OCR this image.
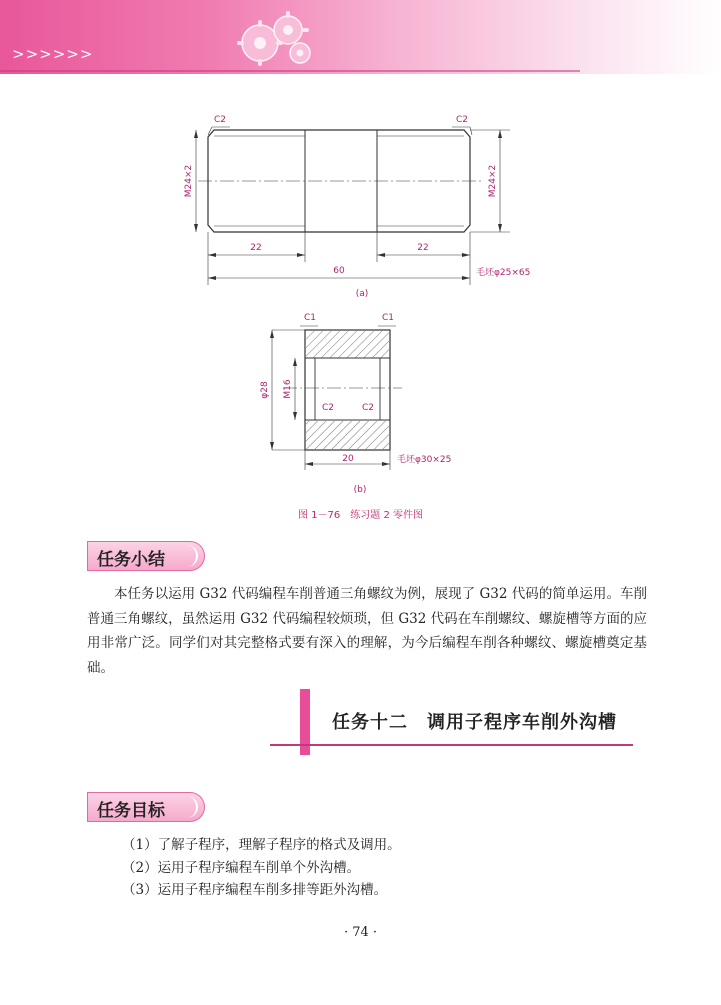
>>>>>>
C2	C2
M24×2	M24×2
22	22
60	毛坯φ25×65
(a)
C1	C1
C2	C2
φ28 M16
20	毛坯φ30×25
(b)
图 1－76　练习题 2 零件图
任务小结

本任务以运用 G32 代码编程车削普通三角螺纹为例，展现了 G32 代码的简单运用。车削普通三角螺纹，虽然运用 G32 代码编程较烦琐，但 G32 代码在车削螺纹、螺旋槽等方面的应用非常广泛。同学们对其完整格式要有深入的理解，为今后编程车削各种螺纹、螺旋槽奠定基础。

任务十二　调用子程序车削外沟槽
任务目标
（1）了解子程序，理解子程序的格式及调用。
（2）运用子程序编程车削单个外沟槽。
（3）运用子程序编程车削多排等距外沟槽。
· 74 ·
